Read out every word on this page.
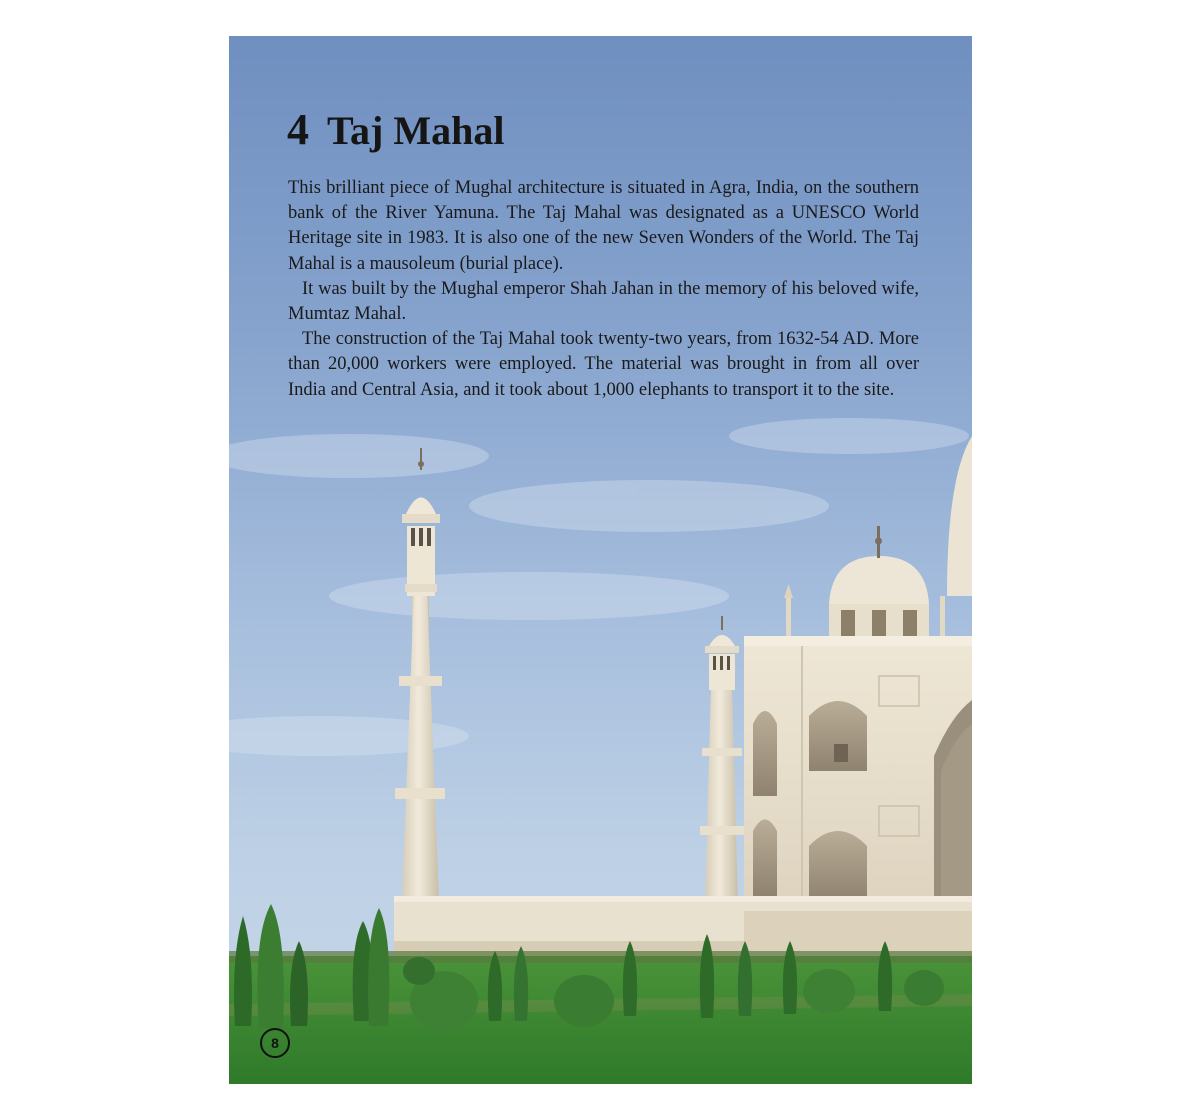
4 Taj Mahal

This brilliant piece of Mughal architecture is situated in Agra, India, on the southern bank of the River Yamuna. The Taj Mahal was designated as a UNESCO World Heritage site in 1983. It is also one of the new Seven Wonders of the World. The Taj Mahal is a mausoleum (burial place).

It was built by the Mughal emperor Shah Jahan in the memory of his beloved wife, Mumtaz Mahal.

The construction of the Taj Mahal took twenty-two years, from 1632-54 AD. More than 20,000 workers were employed. The material was brought in from all over India and Central Asia, and it took about 1,000 elephants to transport it to the site.

8
